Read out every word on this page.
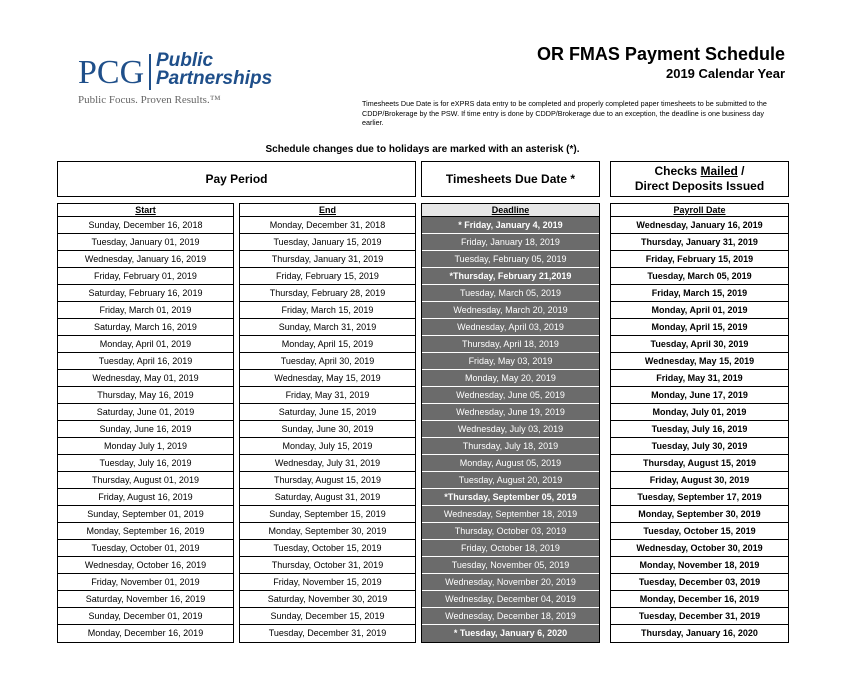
PCG Public
Partnerships
Public Focus. Proven Results.™
OR FMAS Payment Schedule
2019 Calendar Year
Timesheets Due Date is for eXPRS data entry to be completed and properly completed paper timesheets to be submitted to the CDDP/Brokerage by the PSW. If time entry is done by CDDP/Brokerage due to an exception, the deadline is one business day earlier.
Schedule changes due to holidays are marked with an asterisk (*).
Pay Period	Timesheets Due Date *
Checks Mailed /
Direct Deposits Issued
Start
Sunday, December 16, 2018
Tuesday, January 01, 2019
Wednesday, January 16, 2019
Friday, February 01, 2019
Saturday, February 16, 2019
Friday, March 01, 2019
Saturday, March 16, 2019
Monday, April 01, 2019
Tuesday, April 16, 2019
Wednesday, May 01, 2019
Thursday, May 16, 2019
Saturday, June 01, 2019
Sunday, June 16, 2019
Monday July 1, 2019
Tuesday, July 16, 2019
Thursday, August 01, 2019
Friday, August 16, 2019
Sunday, September 01, 2019
Monday, September 16, 2019
Tuesday, October 01, 2019
Wednesday, October 16, 2019
Friday, November 01, 2019
Saturday, November 16, 2019
Sunday, December 01, 2019
Monday, December 16, 2019
End
Monday, December 31, 2018
Tuesday, January 15, 2019
Thursday, January 31, 2019
Friday, February 15, 2019
Thursday, February 28, 2019
Friday, March 15, 2019
Sunday, March 31, 2019
Monday, April 15, 2019
Tuesday, April 30, 2019
Wednesday, May 15, 2019
Friday, May 31, 2019
Saturday, June 15, 2019
Sunday, June 30, 2019
Monday, July 15, 2019
Wednesday, July 31, 2019
Thursday, August 15, 2019
Saturday, August 31, 2019
Sunday, September 15, 2019
Monday, September 30, 2019
Tuesday, October 15, 2019
Thursday, October 31, 2019
Friday, November 15, 2019
Saturday, November 30, 2019
Sunday, December 15, 2019
Tuesday, December 31, 2019
Deadline
* Friday, January 4, 2019
Friday, January 18, 2019
Tuesday, February 05, 2019
*Thursday, February 21,2019
Tuesday, March 05, 2019
Wednesday, March 20, 2019
Wednesday, April 03, 2019
Thursday, April 18, 2019
Friday, May 03, 2019
Monday, May 20, 2019
Wednesday, June 05, 2019
Wednesday, June 19, 2019
Wednesday, July 03, 2019
Thursday, July 18, 2019
Monday, August 05, 2019
Tuesday, August 20, 2019
*Thursday, September 05, 2019
Wednesday, September 18, 2019
Thursday, October 03, 2019
Friday, October 18, 2019
Tuesday, November 05, 2019
Wednesday, November 20, 2019
Wednesday, December 04, 2019
Wednesday, December 18, 2019
* Tuesday, January 6, 2020
Payroll Date
Wednesday, January 16, 2019
Thursday, January 31, 2019
Friday, February 15, 2019
Tuesday, March 05, 2019
Friday, March 15, 2019
Monday, April 01, 2019
Monday, April 15, 2019
Tuesday, April 30, 2019
Wednesday, May 15, 2019
Friday, May 31, 2019
Monday, June 17, 2019
Monday, July 01, 2019
Tuesday, July 16, 2019
Tuesday, July 30, 2019
Thursday, August 15, 2019
Friday, August 30, 2019
Tuesday, September 17, 2019
Monday, September 30, 2019
Tuesday, October 15, 2019
Wednesday, October 30, 2019
Monday, November 18, 2019
Tuesday, December 03, 2019
Monday, December 16, 2019
Tuesday, December 31, 2019
Thursday, January 16, 2020
